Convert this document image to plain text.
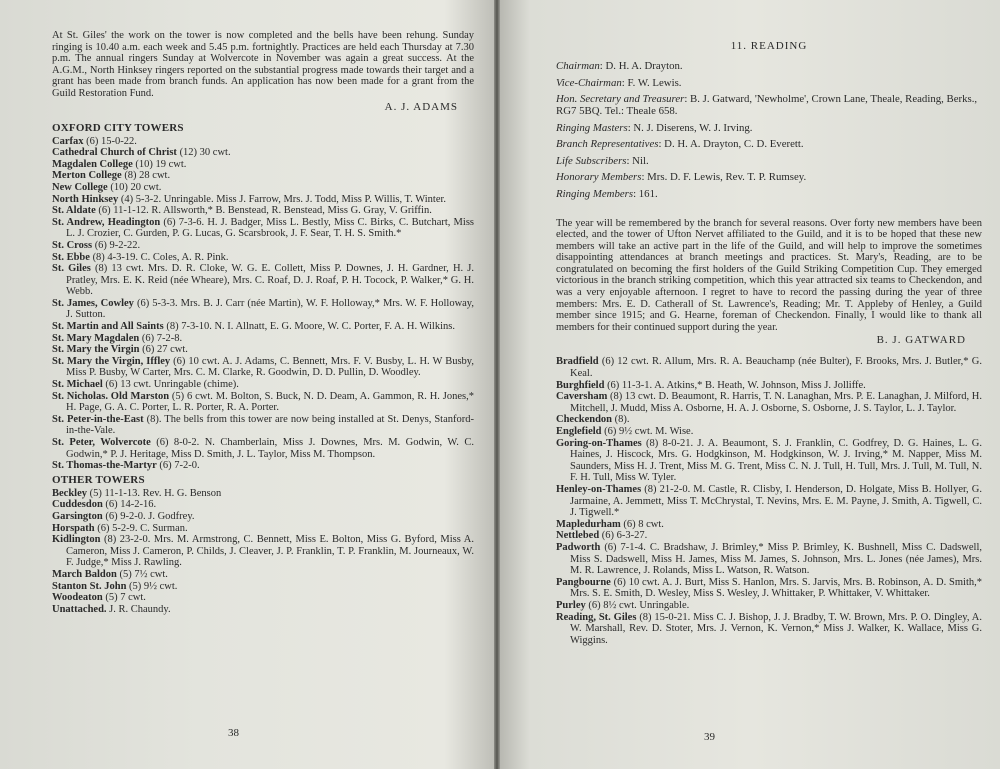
At St. Giles' the work on the tower is now completed and the bells have been rehung. Sunday ringing is 10.40 a.m. each week and 5.45 p.m. fortnightly. Practices are held each Thursday at 7.30 p.m. The annual ringers Sunday at Wolvercote in November was again a great success. At the A.G.M., North Hinksey ringers reported on the substantial progress made towards their target and a grant has been made from branch funds. An application has now been made for a grant from the Guild Restoration Fund.
A. J. ADAMS
OXFORD CITY TOWERS
Carfax (6) 15-0-22.
Cathedral Church of Christ (12) 30 cwt.
Magdalen College (10) 19 cwt.
Merton College (8) 28 cwt.
New College (10) 20 cwt.
North Hinksey (4) 5-3-2. Unringable. Miss J. Farrow, Mrs. J. Todd, Miss P. Willis, T. Winter.
St. Aldate (6) 11-1-12. R. Allsworth,* B. Benstead, R. Benstead, Miss G. Gray, V. Griffin.
St. Andrew, Headington (6) 7-3-6. H. J. Badger, Miss L. Bestly, Miss C. Birks, C. Butchart, Miss L. J. Crozier, C. Gurden, P. G. Lucas, G. Scarsbrook, J. F. Sear, T. H. S. Smith.*
St. Cross (6) 9-2-22.
St. Ebbe (8) 4-3-19. C. Coles, A. R. Pink.
St. Giles (8) 13 cwt. Mrs. D. R. Cloke, W. G. E. Collett, Miss P. Downes, J. H. Gardner, H. J. Pratley, Mrs. E. K. Reid (née Wheare), Mrs. C. Roaf, D. J. Roaf, P. H. Tocock, P. Walker,* G. H. Webb.
St. James, Cowley (6) 5-3-3. Mrs. B. J. Carr (née Martin), W. F. Holloway,* Mrs. W. F. Holloway, J. Sutton.
St. Martin and All Saints (8) 7-3-10. N. I. Allnatt, E. G. Moore, W. C. Porter, F. A. H. Wilkins.
St. Mary Magdalen (6) 7-2-8.
St. Mary the Virgin (6) 27 cwt.
St. Mary the Virgin, Iffley (6) 10 cwt. A. J. Adams, C. Bennett, Mrs. F. V. Busby, L. H. W Busby, Miss P. Busby, W Carter, Mrs. C. M. Clarke, R. Goodwin, D. D. Pullin, D. Woodley.
St. Michael (6) 13 cwt. Unringable (chime).
St. Nicholas. Old Marston (5) 6 cwt. M. Bolton, S. Buck, N. D. Deam, A. Gammon, R. H. Jones,* H. Page, G. A. C. Porter, L. R. Porter, R. A. Porter.
St. Peter-in-the-East (8). The bells from this tower are now being installed at St. Denys, Stanford-in-the-Vale.
St. Peter, Wolvercote (6) 8-0-2. N. Chamberlain, Miss J. Downes, Mrs. M. Godwin, W. C. Godwin,* P. J. Heritage, Miss D. Smith, J. L. Taylor, Miss M. Thompson.
St. Thomas-the-Martyr (6) 7-2-0.
OTHER TOWERS
Beckley (5) 11-1-13. Rev. H. G. Benson
Cuddesdon (6) 14-2-16.
Garsington (6) 9-2-0. J. Godfrey.
Horspath (6) 5-2-9. C. Surman.
Kidlington (8) 23-2-0. Mrs. M. Armstrong, C. Bennett, Miss E. Bolton, Miss G. Byford, Miss A. Cameron, Miss J. Cameron, P. Childs, J. Cleaver, J. P. Franklin, T. P. Franklin, M. Journeaux, W. F. Judge,* Miss J. Rawling.
March Baldon (5) 7½ cwt.
Stanton St. John (5) 9½ cwt.
Woodeaton (5) 7 cwt.
Unattached. J. R. Chaundy.
38
11. READING
Chairman: D. H. A. Drayton.
Vice-Chairman: F. W. Lewis.
Hon. Secretary and Treasurer: B. J. Gatward, 'Newholme', Crown Lane, Theale, Reading, Berks., RG7 5BQ. Tel.: Theale 658.
Ringing Masters: N. J. Diserens, W. J. Irving.
Branch Representatives: D. H. A. Drayton, C. D. Everett.
Life Subscribers: Nil.
Honorary Members: Mrs. D. F. Lewis, Rev. T. P. Rumsey.
Ringing Members: 161.
The year will be remembered by the branch for several reasons. Over forty new members have been elected, and the tower of Ufton Nervet affiliated to the Guild, and it is to be hoped that these new members will take an active part in the life of the Guild, and will help to improve the sometimes disappointing attendances at branch meetings and practices. St. Mary's, Reading, are to be congratulated on becoming the first holders of the Guild Striking Competition Cup. They emerged victorious in the branch striking competition, which this year attracted six teams to Checkendon, and was a very enjoyable afternoon. I regret to have to record the passing during the year of three members: Mrs. E. D. Catherall of St. Lawrence's, Reading; Mr. T. Appleby of Henley, a Guild member since 1915; and G. Hearne, foreman of Checkendon. Finally, I would like to thank all members for their continued support during the year.
B. J. GATWARD
Bradfield (6) 12 cwt. R. Allum, Mrs. R. A. Beauchamp (née Bulter), F. Brooks, Mrs. J. Butler,* G. Keal.
Burghfield (6) 11-3-1. A. Atkins,* B. Heath, W. Johnson, Miss J. Jolliffe.
Caversham (8) 13 cwt. D. Beaumont, R. Harris, T. N. Lanaghan, Mrs. P. E. Lanaghan, J. Milford, H. Mitchell, J. Mudd, Miss A. Osborne, H. A. J. Osborne, S. Osborne, J. S. Taylor, L. J. Taylor.
Checkendon (8).
Englefield (6) 9½ cwt. M. Wise.
Goring-on-Thames (8) 8-0-21. J. A. Beaumont, S. J. Franklin, C. Godfrey, D. G. Haines, L. G. Haines, J. Hiscock, Mrs. G. Hodgkinson, M. Hodgkinson, W. J. Irving,* M. Napper, Miss M. Saunders, Miss H. J. Trent, Miss M. G. Trent, Miss C. N. J. Tull, H. Tull, Mrs. J. Tull, M. Tull, N. F. H. Tull, Miss W. Tyler.
Henley-on-Thames (8) 21-2-0. M. Castle, R. Clisby, I. Henderson, D. Holgate, Miss B. Hollyer, G. Jarmaine, A. Jemmett, Miss T. McChrystal, T. Nevins, Mrs. E. M. Payne, J. Smith, A. Tigwell, C. J. Tigwell.*
Mapledurham (6) 8 cwt.
Nettlebed (6) 6-3-27.
Padworth (6) 7-1-4. C. Bradshaw, J. Brimley,* Miss P. Brimley, K. Bushnell, Miss C. Dadswell, Miss S. Dadswell, Miss H. James, Miss M. James, S. Johnson, Mrs. L. Jones (née James), Mrs. M. R. Lawrence, J. Rolands, Miss L. Watson, R. Watson.
Pangbourne (6) 10 cwt. A. J. Burt, Miss S. Hanlon, Mrs. S. Jarvis, Mrs. B. Robinson, A. D. Smith,* Mrs. S. E. Smith, D. Wesley, Miss S. Wesley, J. Whittaker, P. Whittaker, V. Whittaker.
Purley (6) 8½ cwt. Unringable.
Reading, St. Giles (8) 15-0-21. Miss C. J. Bishop, J. J. Bradby, T. W. Brown, Mrs. P. O. Dingley, A. W. Marshall, Rev. D. Stoter, Mrs. J. Vernon, K. Vernon,* Miss J. Walker, K. Wallace, Miss G. Wiggins.
39
